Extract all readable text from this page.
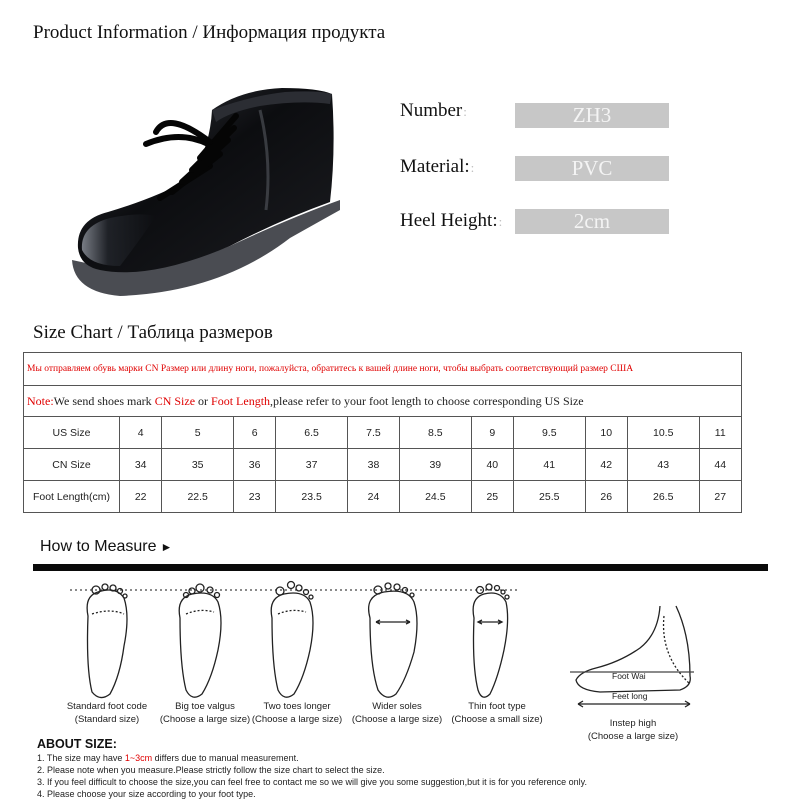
Product Information / Информация продукта
Number:	ZH3
Material::	PVC
Heel Height::	2cm
Size Chart / Таблица размеров
Мы отправляем обувь марки CN Размер или длину ноги, пожалуйста, обратитесь к вашей длине ноги, чтобы выбрать соответствующий размер США											
Note:We send shoes mark CN Size or Foot Length,please refer to your foot length to choose corresponding US Size											
US Size	4	5	6	6.5	7.5	8.5	9	9.5	10	10.5	11
CN Size	34	35	36	37	38	39	40	41	42	43	44
Foot Length(cm)	22	22.5	23	23.5	24	24.5	25	25.5	26	26.5	27
How to Measure ►
Foot Wai
Feet long
Standard foot code
(Standard size)
Big toe valgus
(Choose a large size)
Two toes longer
(Choose a large size)
Wider soles
(Choose a large size)
Thin foot type
(Choose a small size)	Instep high
(Choose a large size)
ABOUT SIZE:
1. The size may have 1~3cm differs due to manual measurement.
2. Please note when you measure.Please strictly follow the size chart to select the size.
3. If you feel difficult to choose the size,you can feel free to contact me so we will give you some suggestion,but it is for you reference only.
4. Please choose your size according to your foot type.
